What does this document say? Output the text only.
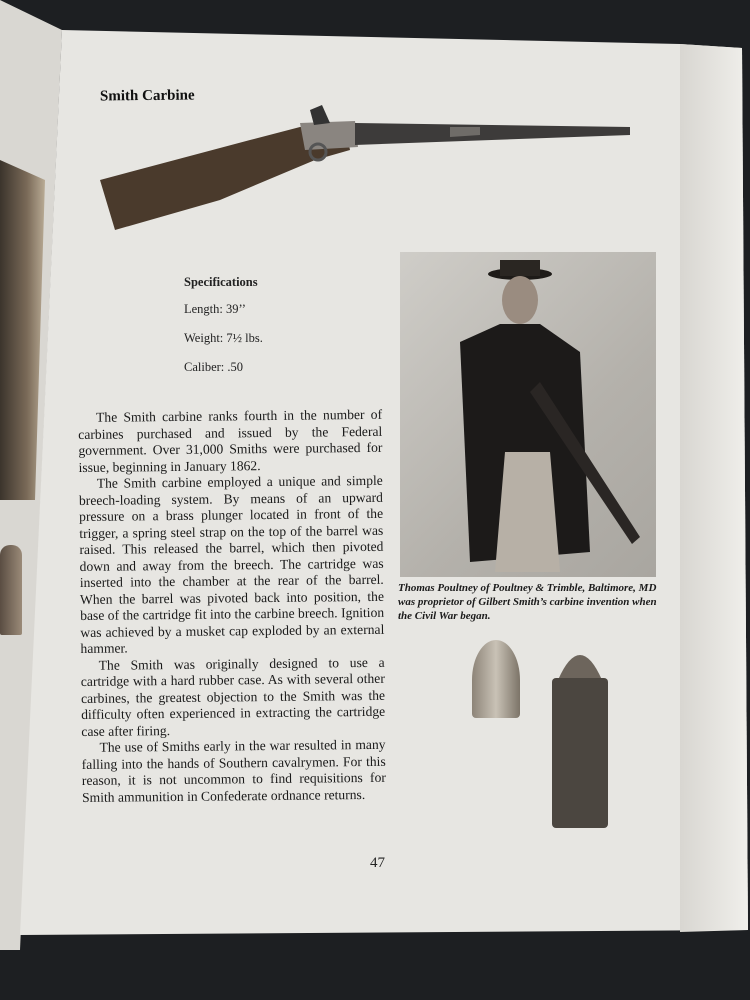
Smith Carbine
Specifications
Length: 39’’
Weight: 7½ lbs.
Caliber: .50

The Smith carbine ranks fourth in the number of carbines purchased and issued by the Federal government. Over 31,000 Smiths were purchased for issue, beginning in January 1862.

The Smith carbine employed a unique and simple breech-loading system. By means of an upward pressure on a brass plunger located in front of the trigger, a spring steel strap on the top of the barrel was raised. This released the barrel, which then pivoted down and away from the breech. The cartridge was inserted into the chamber at the rear of the barrel. When the barrel was pivoted back into position, the base of the cartridge fit into the carbine breech. Ignition was achieved by a musket cap exploded by an external hammer.

The Smith was originally designed to use a cartridge with a hard rubber case. As with several other carbines, the greatest objection to the Smith was the difficulty often experienced in extracting the cartridge case after firing.

The use of Smiths early in the war resulted in many falling into the hands of Southern cavalrymen. For this reason, it is not uncommon to find requisitions for Smith ammunition in Confederate ordnance returns.

Thomas Poultney of Poultney & Trimble, Baltimore, MD was proprietor of Gilbert Smith’s carbine invention when the Civil War began.
47
